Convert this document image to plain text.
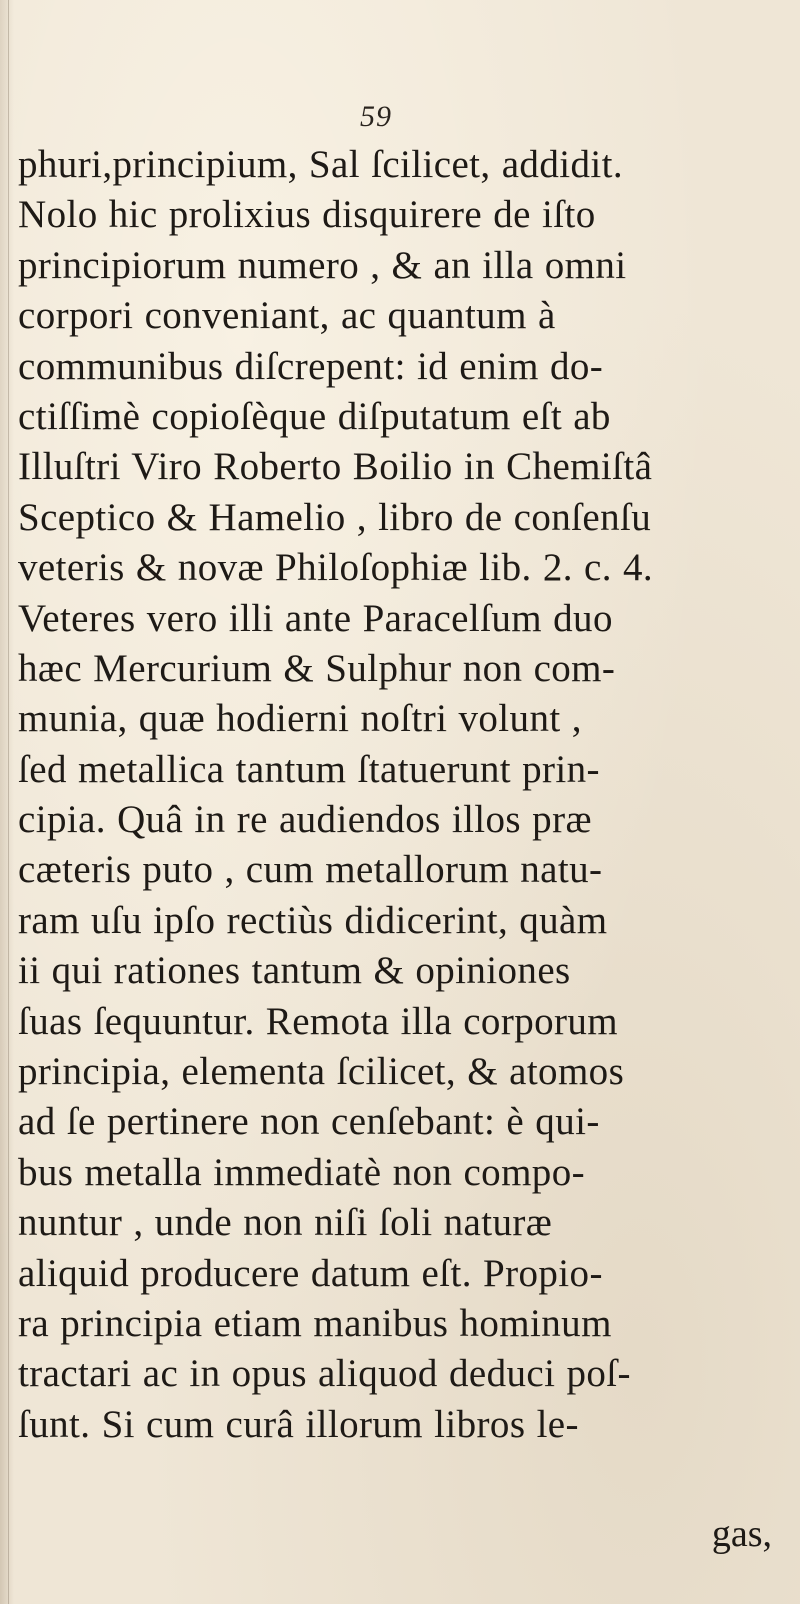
59
phuri,principium, Sal ſcilicet, addidit.
Nolo hic prolixius disquirere de iſto
principiorum numero , & an illa omni
corpori conveniant, ac quantum à
communibus diſcrepent: id enim do-
ctiſſimè copioſèque diſputatum eſt ab
Illuſtri Viro Roberto Boilio in Chemiſtâ
Sceptico & Hamelio , libro de conſenſu
veteris & novæ Philoſophiæ lib. 2. c. 4.
Veteres vero illi ante Paracelſum duo
hæc Mercurium & Sulphur non com-
munia, quæ hodierni noſtri volunt ,
ſed metallica tantum ſtatuerunt prin-
cipia. Quâ in re audiendos illos præ
cæteris puto , cum metallorum natu-
ram uſu ipſo rectiùs didicerint, quàm
ii qui rationes tantum & opiniones
ſuas ſequuntur. Remota illa corporum
principia, elementa ſcilicet, & atomos
ad ſe pertinere non cenſebant: è qui-
bus metalla immediatè non compo-
nuntur , unde non niſi ſoli naturæ
aliquid producere datum eſt. Propio-
ra principia etiam manibus hominum
tractari ac in opus aliquod deduci poſ-
ſunt. Si cum curâ illorum libros le-
gas,
